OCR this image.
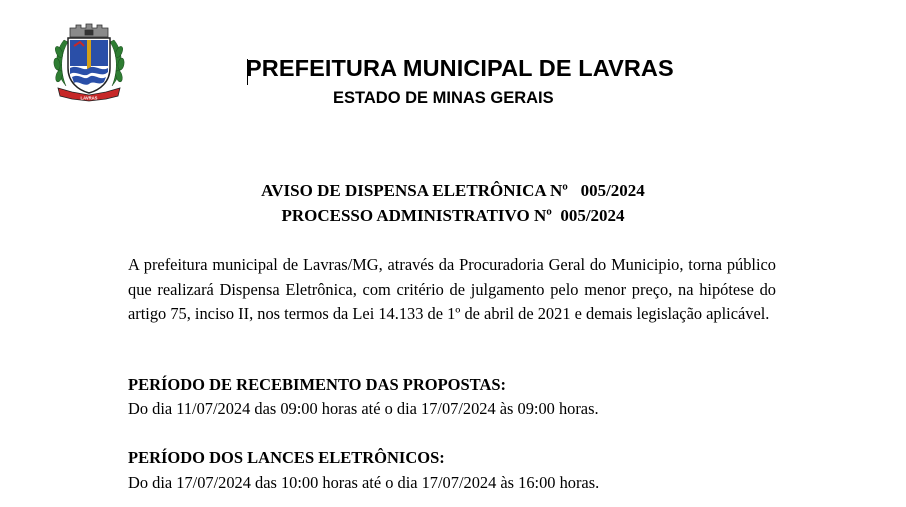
LAVRAS
PREFEITURA MUNICIPAL DE LAVRAS
ESTADO DE MINAS GERAIS
AVISO DE DISPENSA ELETRÔNICA Nº   005/2024
PROCESSO ADMINISTRATIVO Nº  005/2024

A prefeitura municipal de Lavras/MG, através da Procuradoria Geral do Municipio, torna público que realizará Dispensa Eletrônica, com critério de julgamento pelo menor preço, na hipótese do artigo 75, inciso II, nos termos da Lei 14.133 de 1º de abril de 2021 e demais legislação aplicável.

PERÍODO DE RECEBIMENTO DAS PROPOSTAS:
Do dia 11/07/2024 das 09:00 horas até o dia 17/07/2024 às 09:00 horas.
PERÍODO DOS LANCES ELETRÔNICOS:
Do dia 17/07/2024 das 10:00 horas até o dia 17/07/2024 às 16:00 horas.
